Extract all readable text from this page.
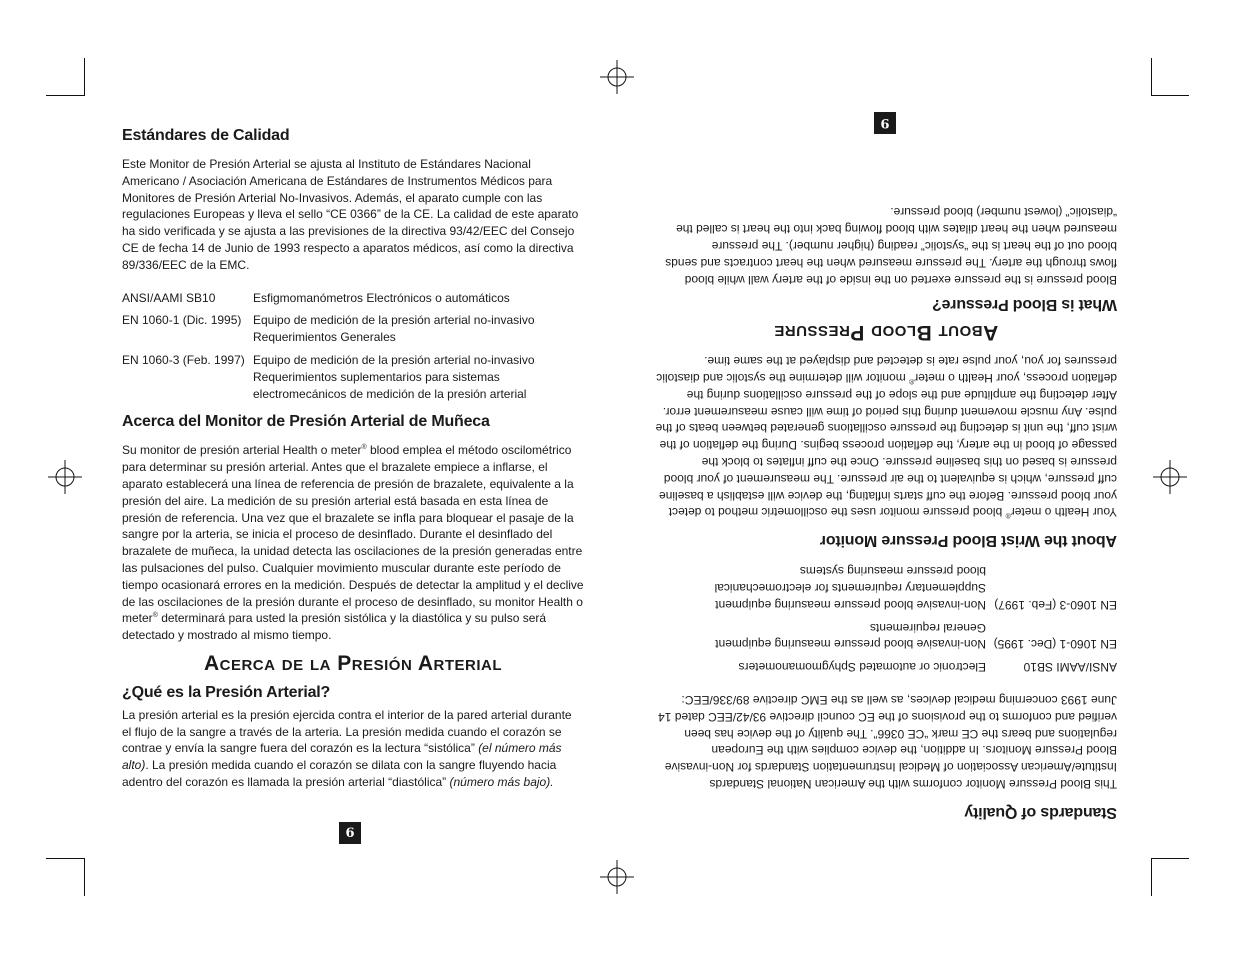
Estándares de Calidad

Este Monitor de Presión Arterial se ajusta al Instituto de Estándares Nacional Americano / Asociación Americana de Estándares de Instrumentos Médicos para Monitores de Presión Arterial No-Invasivos. Además, el aparato cumple con las regulaciones Europeas y lleva el sello “CE 0366” de la CE. La calidad de este aparato ha sido verificada y se ajusta a las previsiones de la directiva 93/42/EEC del Consejo CE de fecha 14 de Junio de 1993 respecto a aparatos médicos, así como la directiva 89/336/EEC de la EMC.

ANSI/AAMI SB10	Esfigmomanómetros Electrónicos o automáticos
EN 1060-1 (Dic. 1995) Equipo de medición de la presión arterial no-invasivo
Requerimientos Generales
EN 1060-3 (Feb. 1997) Equipo de medición de la presión arterial no-invasivo
Requerimientos suplementarios para sistemas
electromecánicos de medición de la presión arterial
Acerca del Monitor de Presión Arterial de Muñeca

Su monitor de presión arterial Health o meter® blood emplea el método oscilométrico para determinar su presión arterial. Antes que el brazalete empiece a inflarse, el aparato establecerá una línea de referencia de presión de brazalete, equivalente a la presión del aire. La medición de su presión arterial está basada en esta línea de presión de referencia. Una vez que el brazalete se infla para bloquear el pasaje de la sangre por la arteria, se inicia el proceso de desinflado. Durante el desinflado del brazalete de muñeca, la unidad detecta las oscilaciones de la presión generadas entre las pulsaciones del pulso. Cualquier movimiento muscular durante este período de tiempo ocasionará errores en la medición. Después de detectar la amplitud y el declive de las oscilaciones de la presión durante el proceso de desinflado, su monitor Health o meter® determinará para usted la presión sistólica y la diastólica y su pulso será detectado y mostrado al mismo tiempo.

Acerca de la Presión Arterial
¿Qué es la Presión Arterial?

La presión arterial es la presión ejercida contra el interior de la pared arterial durante el flujo de la sangre a través de la arteria. La presión medida cuando el corazón se contrae y envía la sangre fuera del corazón es la lectura “sistólica” (el número más alto). La presión medida cuando el corazón se dilata con la sangre fluyendo hacia adentro del corazón es llamada la presión arterial “diastólica” (número más bajo).

6
Standards of Quality

This Blood Pressure Monitor conforms with the American National Standards Institute/American Association of Medical Instrumentation Standards for Non-invasive Blood Pressure Monitors. In addition, the device complies with the European regulations and bears the CE mark “CE 0366”. The quality of the device has been verified and conforms to the provisions of the EC council directive 93/42/EEC dated 14 June 1993 concerning medical devices, as well as the EMC directive 89/336/EEC:

ANSI/AAMI SB10
Electronic or automated Sphygmomanometers
EN 1060-1 (Dec. 1995)
Non-invasive blood pressure measuring equipment
General requirements
EN 1060-3 (Feb. 1997)
Non-invasive blood pressure measuring equipment
Supplementary requirements for electromechanical
blood pressure measuring systems
About the Wrist Blood Pressure Monitor

Your Health o meter® blood pressure monitor uses the oscillometric method to detect your blood pressure. Before the cuff starts inflating, the device will establish a baseline cuff pressure, which is equivalent to the air pressure. The measurement of your blood pressure is based on this baseline pressure. Once the cuff inflates to block the passage of blood in the artery, the deflation process begins. During the deflation of the wrist cuff, the unit is detecting the pressure oscillations generated between beats of the pulse. Any muscle movement during this period of time will cause measurement error. After detecting the amplitude and the slope of the pressure oscillations during the deflation process, your Health o meter® monitor will determine the systolic and diastolic pressures for you, your pulse rate is detected and displayed at the same time.

About Blood Pressure
What is Blood Pressure?

Blood pressure is the pressure exerted on the inside of the artery wall while blood flows through the artery. The pressure measured when the heart contracts and sends blood out of the heart is the “systolic” reading (higher number). The pressure measured when the heart dilates with blood flowing back into the heart is called the “diastolic” (lowest number) blood pressure.

9
